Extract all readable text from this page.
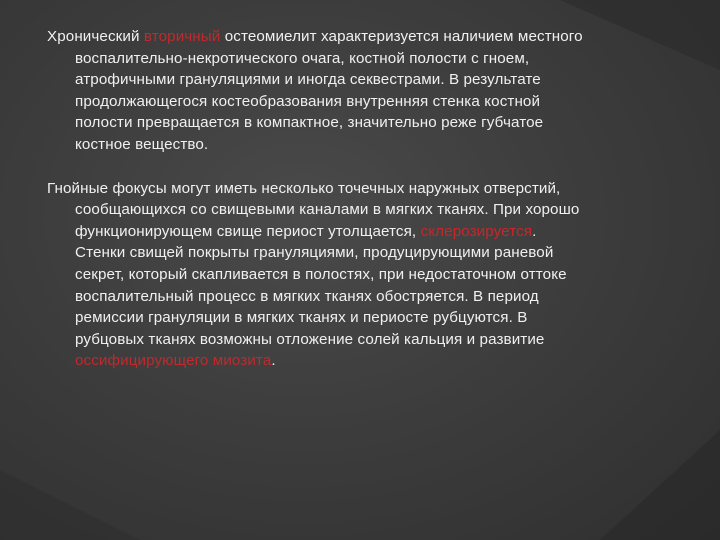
Хронический вторичный остеомиелит характеризуется наличием местного воспалительно-некротического очага, костной полости с гноем, атрофичными грануляциями и иногда секвестрами. В результате продолжающегося костеобразования внутренняя стенка костной полости превращается в компактное, значительно реже губчатое костное вещество.

Гнойные фокусы могут иметь несколько точечных наружных отверстий, сообщающихся со свищевыми каналами в мягких тканях. При хорошо функционирующем свище периост утолщается, склерозируется. Стенки свищей покрыты грануляциями, продуцирующими раневой секрет, который скапливается в полостях, при недостаточном оттоке воспалительный процесс в мягких тканях обостряется. В период ремиссии грануляции в мягких тканях и периосте рубцуются. В рубцовых тканях возможны отложение солей кальция и развитие оссифицирующего миозита.
